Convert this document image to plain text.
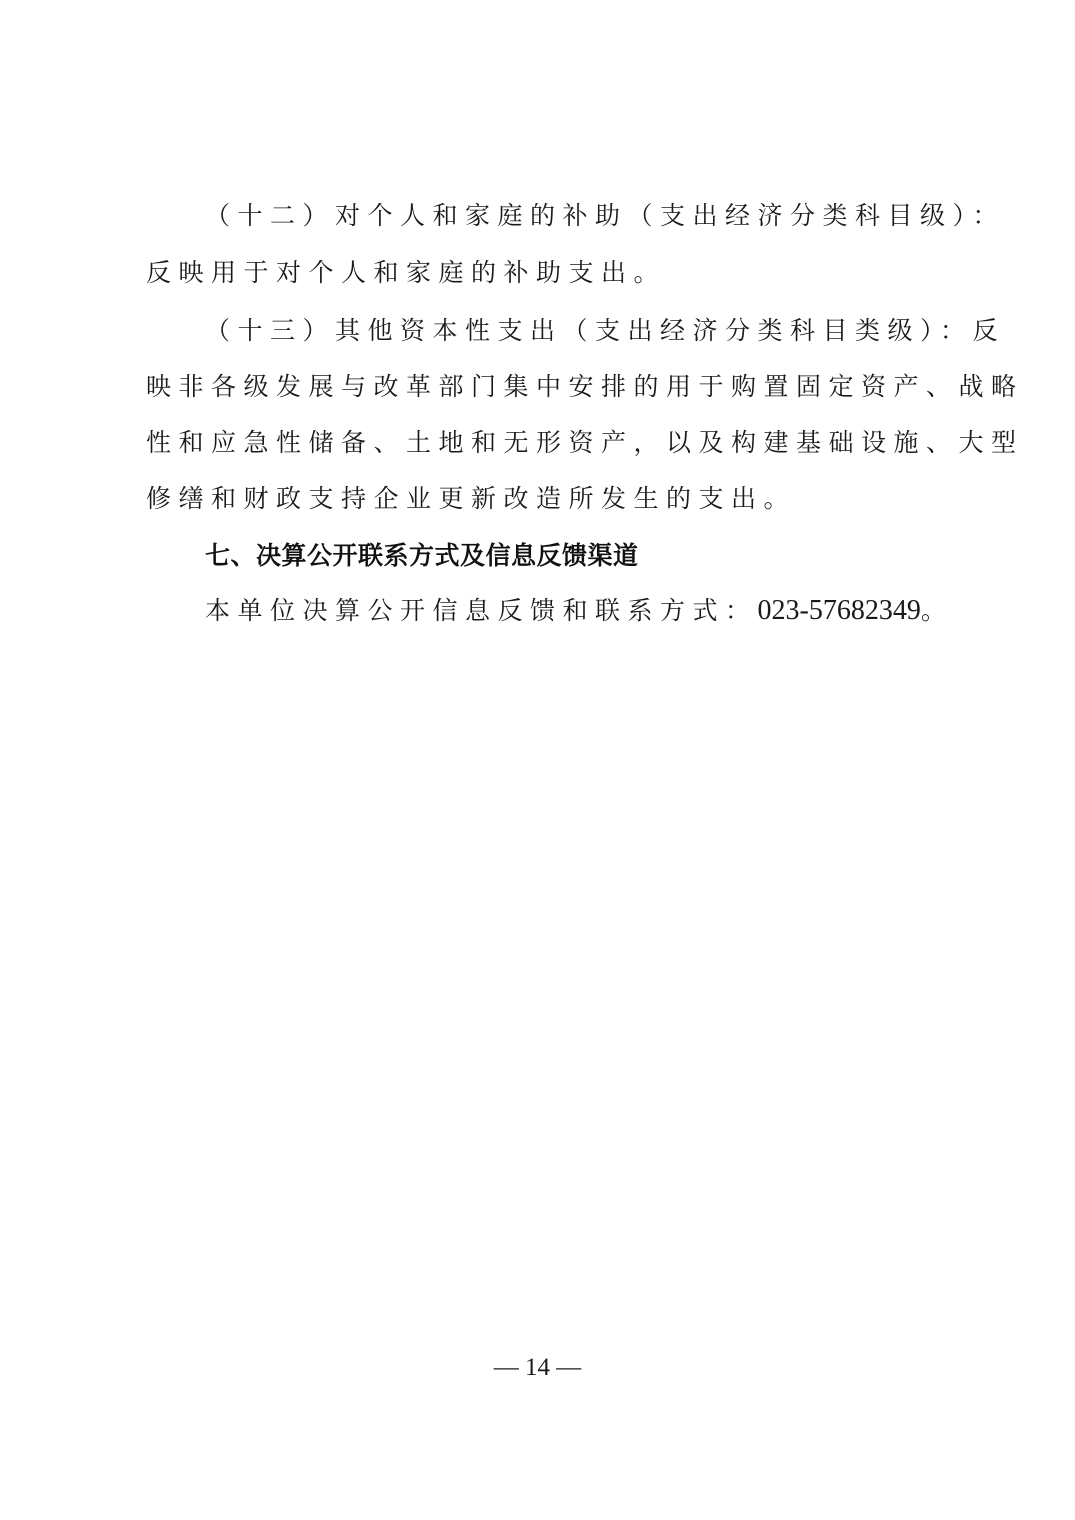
（十二）对个人和家庭的补助（支出经济分类科目级）：
反映用于对个人和家庭的补助支出。
（十三）其他资本性支出（支出经济分类科目类级）：反
映非各级发展与改革部门集中安排的用于购置固定资产、战略
性和应急性储备、土地和无形资产，以及构建基础设施、大型
修缮和财政支持企业更新改造所发生的支出。
七、决算公开联系方式及信息反馈渠道
本单位决算公开信息反馈和联系方式：023-57682349。
— 14 —
